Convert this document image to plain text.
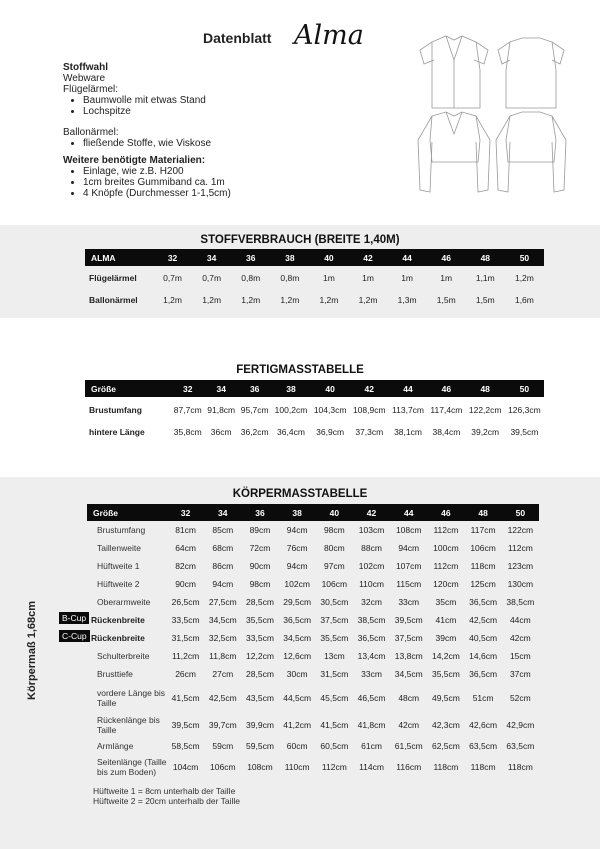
Datenblatt Alma

Stoffwahl

Webware

Flügelärmel:

• Baumwolle mit etwas Stand
• Lochspitze

Ballonärmel:

• fließende Stoffe, wie Viskose

Weitere benötigte Materialien:

• Einlage, wie z.B. H200
• 1cm breites Gummiband ca. 1m
• 4 Knöpfe (Durchmesser 1-1,5cm)
STOFFVERBRAUCH (BREITE 1,40M)
ALMA	32	34	36	38	40	42	44	46	48	50
Flügelärmel	0,7m	0,7m	0,8m	0,8m	1m	1m	1m	1m	1,1m	1,2m
Ballonärmel	1,2m	1,2m	1,2m	1,2m	1,2m	1,2m	1,3m	1,5m	1,5m	1,6m
FERTIGMASSTABELLE
Größe	32	34	36	38	40	42	44	46	48	50
Brustumfang	87,7cm	91,8cm	95,7cm	100,2cm	104,3cm	108,9cm	113,7cm	117,4cm	122,2cm	126,3cm
hintere Länge	35,8cm	36cm	36,2cm	36,4cm	36,9cm	37,3cm	38,1cm	38,4cm	39,2cm	39,5cm
KÖRPERMASSTABELLE
Größe	32	34	36	38	40	42	44	46	48	50
Brustumfang	81cm	85cm	89cm	94cm	98cm	103cm	108cm	112cm	117cm	122cm
Taillenweite	64cm	68cm	72cm	76cm	80cm	88cm	94cm	100cm	106cm	112cm
Hüftweite 1	82cm	86cm	90cm	94cm	97cm	102cm	107cm	112cm	118cm	123cm
Hüftweite 2	90cm	94cm	98cm	102cm	106cm	110cm	115cm	120cm	125cm	130cm
Oberarmweite	26,5cm	27,5cm	28,5cm	29,5cm	30,5cm	32cm	33cm	35cm	36,5cm	38,5cm
Rückenbreite	33,5cm	34,5cm	35,5cm	36,5cm	37,5cm	38,5cm	39,5cm	41cm	42,5cm	44cm
Rückenbreite	31,5cm	32,5cm	33,5cm	34,5cm	35,5cm	36,5cm	37,5cm	39cm	40,5cm	42cm
Schulterbreite	11,2cm	11,8cm	12,2cm	12,6cm	13cm	13,4cm	13,8cm	14,2cm	14,6cm	15cm
Brusttiefe	26cm	27cm	28,5cm	30cm	31,5cm	33cm	34,5cm	35,5cm	36,5cm	37cm
vordere Länge bis Taille	41,5cm	42,5cm	43,5cm	44,5cm	45,5cm	46,5cm	48cm	49,5cm	51cm	52cm
Rückenlänge bis Taille	39,5cm	39,7cm	39,9cm	41,2cm	41,5cm	41,8cm	42cm	42,3cm	42,6cm	42,9cm
Armlänge	58,5cm	59cm	59,5cm	60cm	60,5cm	61cm	61,5cm	62,5cm	63,5cm	63,5cm
Seitenlänge (Taille bis zum Boden)	104cm	106cm	108cm	110cm	112cm	114cm	116cm	118cm	118cm	118cm
B-Cup
C-Cup
Körpermaß 1,68cm
Hüftweite 1 = 8cm unterhalb der Taille
Hüftweite 2 = 20cm unterhalb der Taille
